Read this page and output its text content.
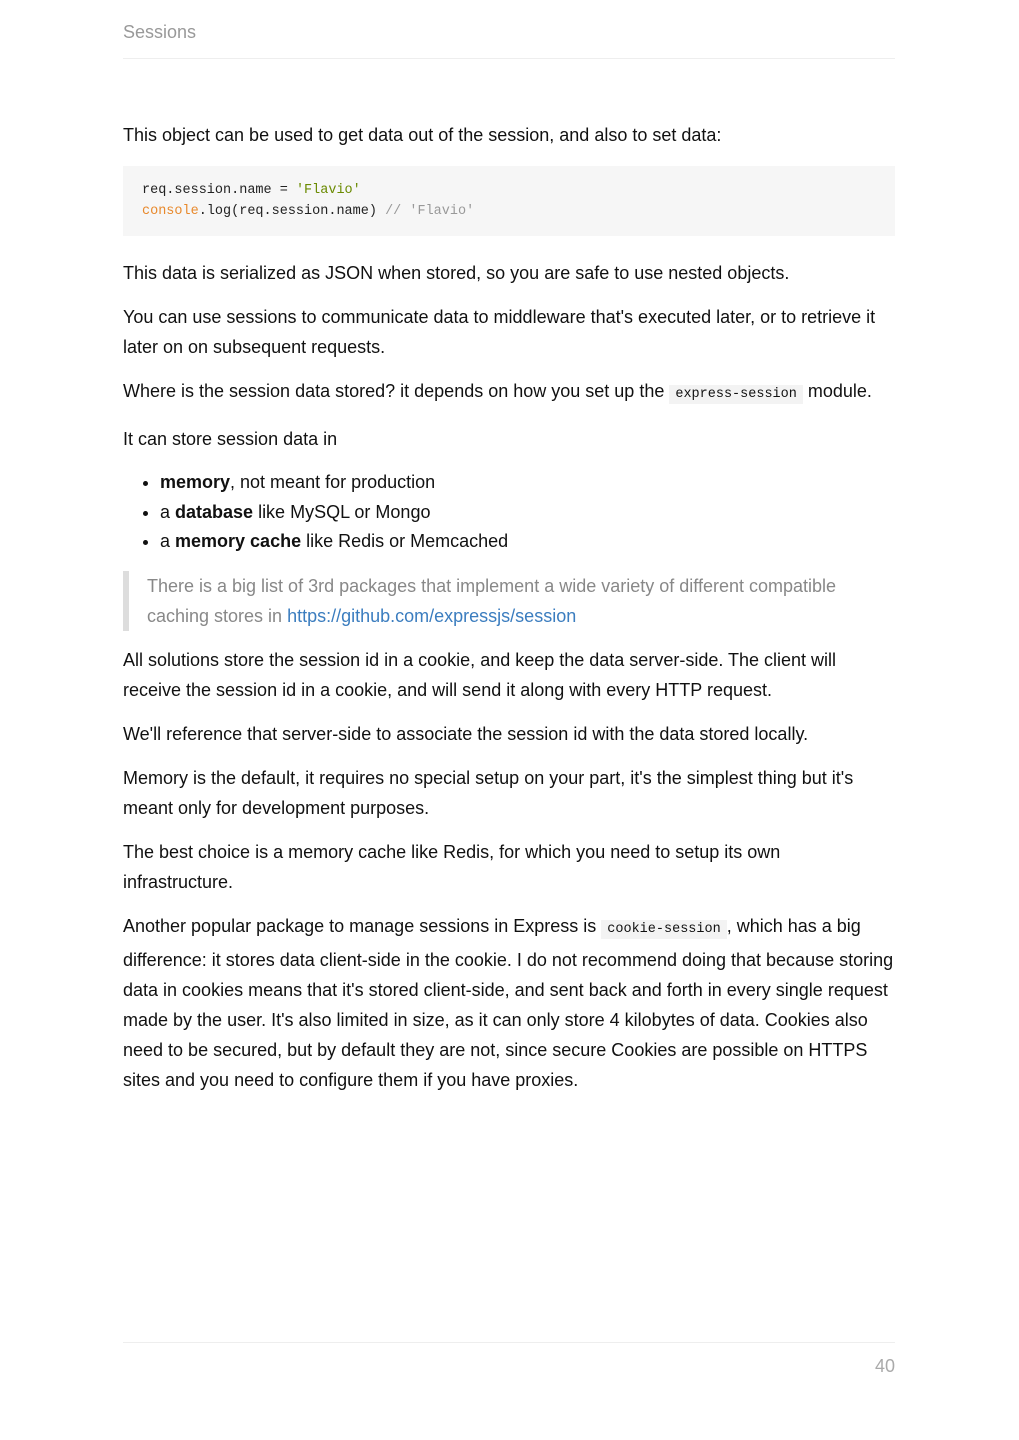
Sessions

This object can be used to get data out of the session, and also to set data:

req.session.name = 'Flavio'
console.log(req.session.name) // 'Flavio'

This data is serialized as JSON when stored, so you are safe to use nested objects.

You can use sessions to communicate data to middleware that's executed later, or to retrieve it later on on subsequent requests.

Where is the session data stored? it depends on how you set up the express-session module.

It can store session data in

• memory, not meant for production
• a database like MySQL or Mongo
• a memory cache like Redis or Memcached
There is a big list of 3rd packages that implement a wide variety of different compatible caching stores in https://github.com/expressjs/session

All solutions store the session id in a cookie, and keep the data server-side. The client will receive the session id in a cookie, and will send it along with every HTTP request.

We'll reference that server-side to associate the session id with the data stored locally.

Memory is the default, it requires no special setup on your part, it's the simplest thing but it's meant only for development purposes.

The best choice is a memory cache like Redis, for which you need to setup its own infrastructure.

Another popular package to manage sessions in Express is cookie-session , which has a big difference: it stores data client-side in the cookie. I do not recommend doing that because storing data in cookies means that it's stored client-side, and sent back and forth in every single request made by the user. It's also limited in size, as it can only store 4 kilobytes of data. Cookies also need to be secured, but by default they are not, since secure Cookies are possible on HTTPS sites and you need to configure them if you have proxies.

40
